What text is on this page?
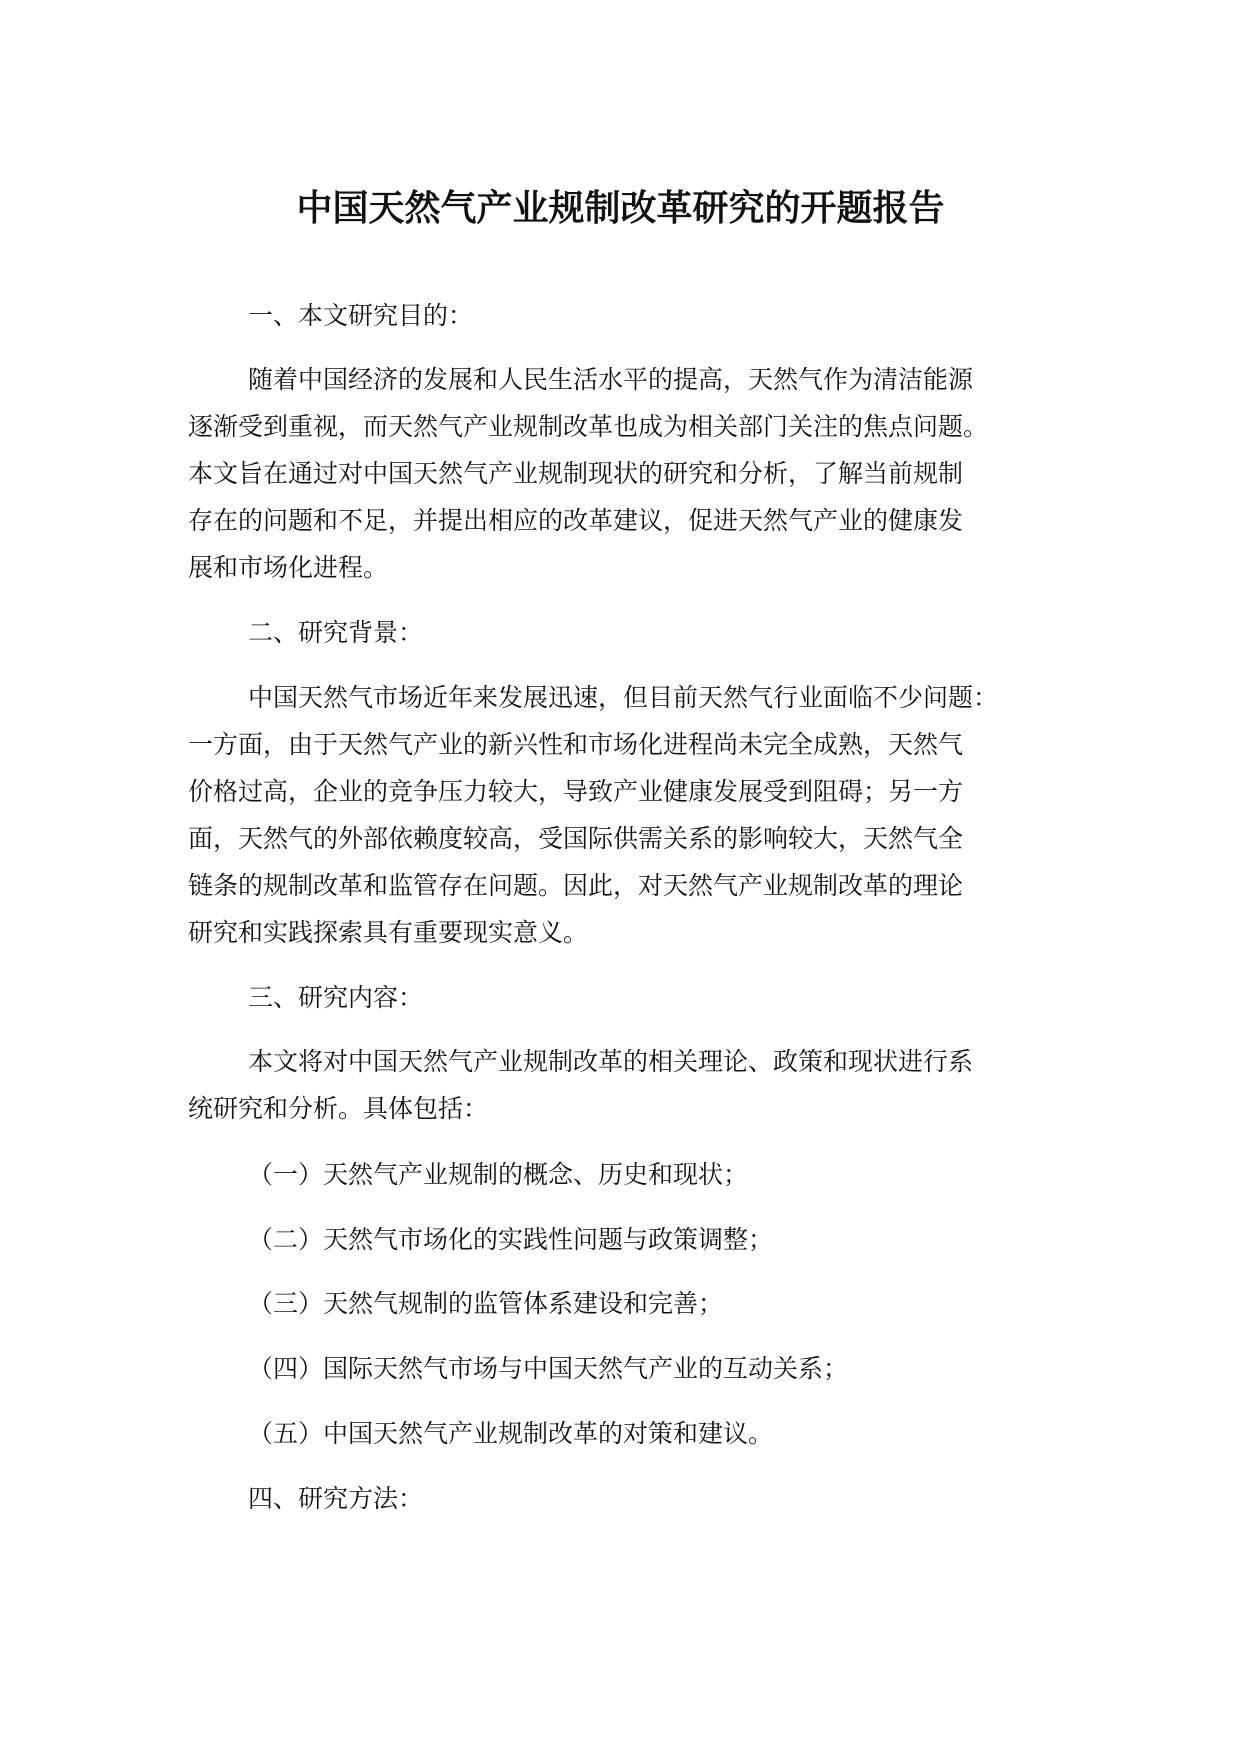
中国天然气产业规制改革研究的开题报告
一、本文研究目的：
随着中国经济的发展和人民生活水平的提高，天然气作为清洁能源
逐渐受到重视，而天然气产业规制改革也成为相关部门关注的焦点问题。
本文旨在通过对中国天然气产业规制现状的研究和分析，了解当前规制
存在的问题和不足，并提出相应的改革建议，促进天然气产业的健康发
展和市场化进程。
二、研究背景：
中国天然气市场近年来发展迅速，但目前天然气行业面临不少问题：
一方面，由于天然气产业的新兴性和市场化进程尚未完全成熟，天然气
价格过高，企业的竞争压力较大，导致产业健康发展受到阻碍；另一方
面，天然气的外部依赖度较高，受国际供需关系的影响较大，天然气全
链条的规制改革和监管存在问题。因此，对天然气产业规制改革的理论
研究和实践探索具有重要现实意义。
三、研究内容：
本文将对中国天然气产业规制改革的相关理论、政策和现状进行系
统研究和分析。具体包括：
（一）天然气产业规制的概念、历史和现状；
（二）天然气市场化的实践性问题与政策调整；
（三）天然气规制的监管体系建设和完善；
（四）国际天然气市场与中国天然气产业的互动关系；
（五）中国天然气产业规制改革的对策和建议。
四、研究方法：
